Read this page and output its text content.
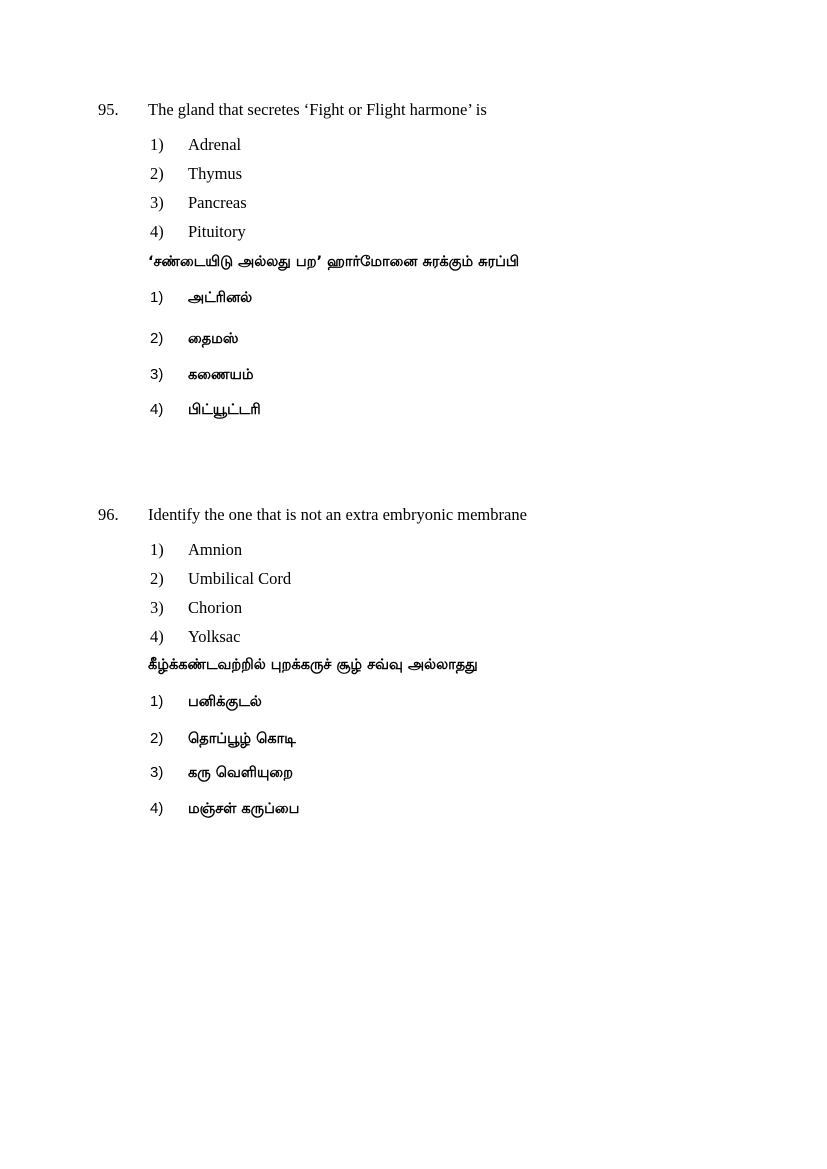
95. The gland that secretes ‘Fight or Flight harmone’ is
1) Adrenal
2) Thymus
3) Pancreas
4) Pituitory
‘சண்டையிடு அல்லது பற’ ஹார்மோனை சுரக்கும் சுரப்பி
1) அட்ரினல்
2) தைமஸ்
3) கணையம்
4) பிட்யூட்டரி
96. Identify the one that is not an extra embryonic membrane
1) Amnion
2) Umbilical Cord
3) Chorion
4) Yolksac
கீழ்க்கண்டவற்றில் புறக்கருச் சூழ் சவ்வு அல்லாதது
1) பனிக்குடல்
2) தொப்பூழ் கொடி
3) கரு வெளியுறை
4) மஞ்சள் கருப்பை
